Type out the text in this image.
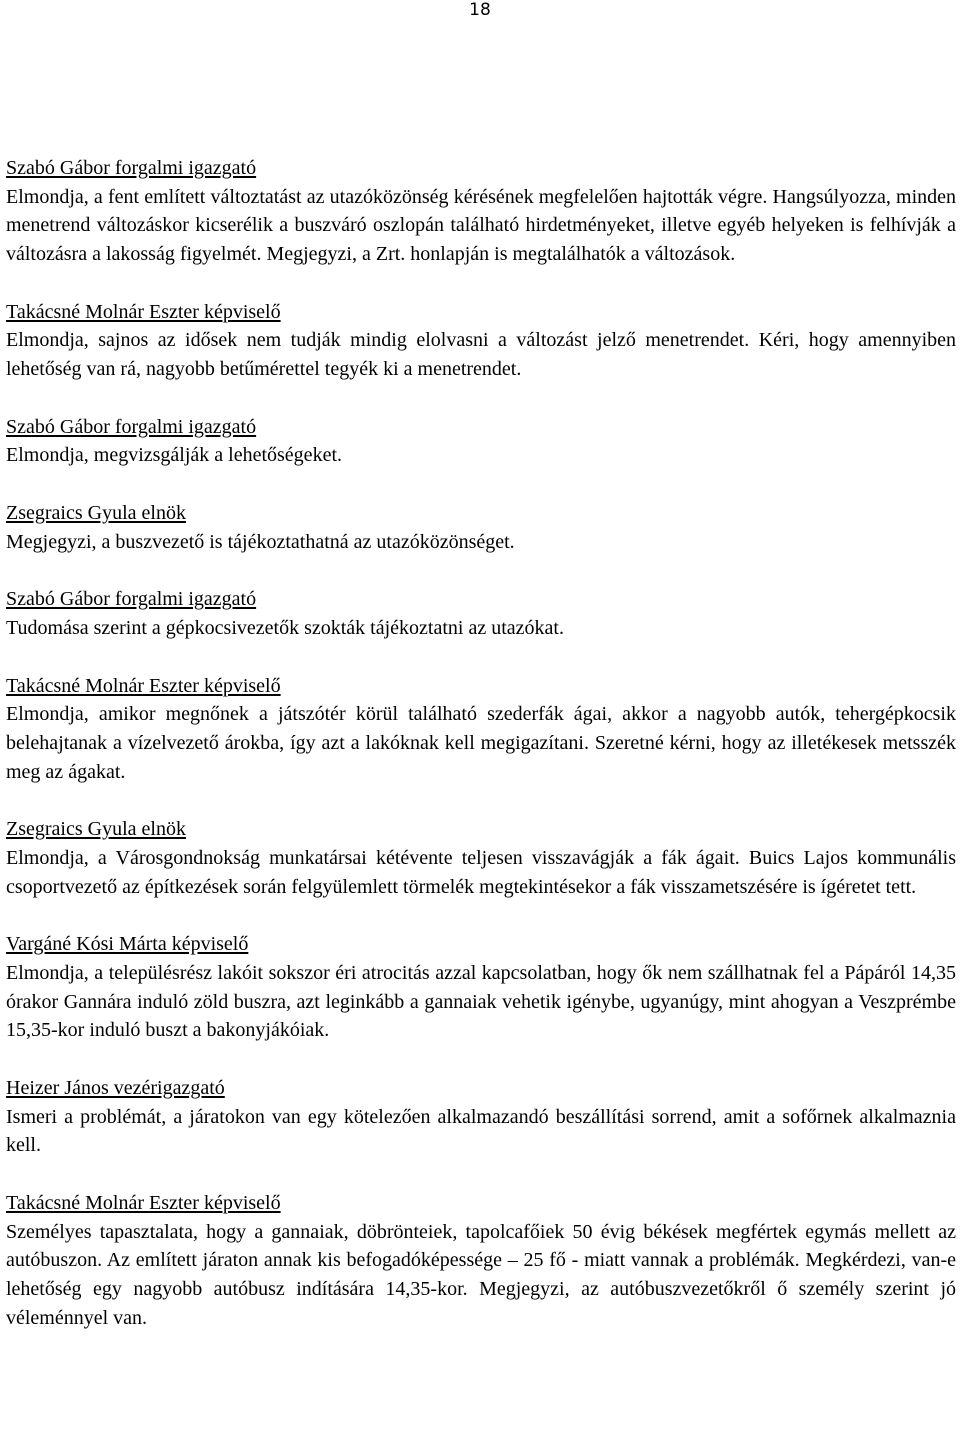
18
Szabó Gábor forgalmi igazgató
Elmondja, a fent említett változtatást az utazóközönség kérésének megfelelően hajtották végre. Hangsúlyozza, minden menetrend változáskor kicserélik a buszváró oszlopán található hirdetményeket, illetve egyéb helyeken is felhívják a változásra a lakosság figyelmét. Megjegyzi, a Zrt. honlapján is megtalálhatók a változások.
Takácsné Molnár Eszter képviselő
Elmondja, sajnos az idősek nem tudják mindig elolvasni a változást jelző menetrendet. Kéri, hogy amennyiben lehetőség van rá, nagyobb betűmérettel tegyék ki a menetrendet.
Szabó Gábor forgalmi igazgató
Elmondja, megvizsgálják a lehetőségeket.
Zsegraics Gyula elnök
Megjegyzi, a buszvezető is tájékoztathatná az utazóközönséget.
Szabó Gábor forgalmi igazgató
Tudomása szerint a gépkocsivezetők szokták tájékoztatni az utazókat.
Takácsné Molnár Eszter képviselő
Elmondja, amikor megnőnek a játszótér körül található szederfák ágai, akkor a nagyobb autók, tehergépkocsik belehajtanak a vízelvezető árokba, így azt a lakóknak kell megigazítani. Szeretné kérni, hogy az illetékesek metsszék meg az ágakat.
Zsegraics Gyula elnök
Elmondja, a Városgondnokság munkatársai kétévente teljesen visszavágják a fák ágait. Buics Lajos kommunális csoportvezető az építkezések során felgyülemlett törmelék megtekintésekor a fák visszametszésére is ígéretet tett.
Vargáné Kósi Márta képviselő
Elmondja, a településrész lakóit sokszor éri atrocitás azzal kapcsolatban, hogy ők nem szállhatnak fel a Pápáról 14,35 órakor Gannára induló zöld buszra, azt leginkább a gannaiak vehetik igénybe, ugyanúgy, mint ahogyan a Veszprémbe 15,35-kor induló buszt a bakonyjákóiak.
Heizer János vezérigazgató
Ismeri a problémát, a járatokon van egy kötelezően alkalmazandó beszállítási sorrend, amit a sofőrnek alkalmaznia kell.
Takácsné Molnár Eszter képviselő
Személyes tapasztalata, hogy a gannaiak, döbrönteiek, tapolcafőiek 50 évig békések megfértek egymás mellett az autóbuszon. Az említett járaton annak kis befogadóképessége – 25 fő - miatt vannak a problémák. Megkérdezi, van-e lehetőség egy nagyobb autóbusz indítására 14,35-kor. Megjegyzi, az autóbuszvezetőkről ő személy szerint jó véleménnyel van.
